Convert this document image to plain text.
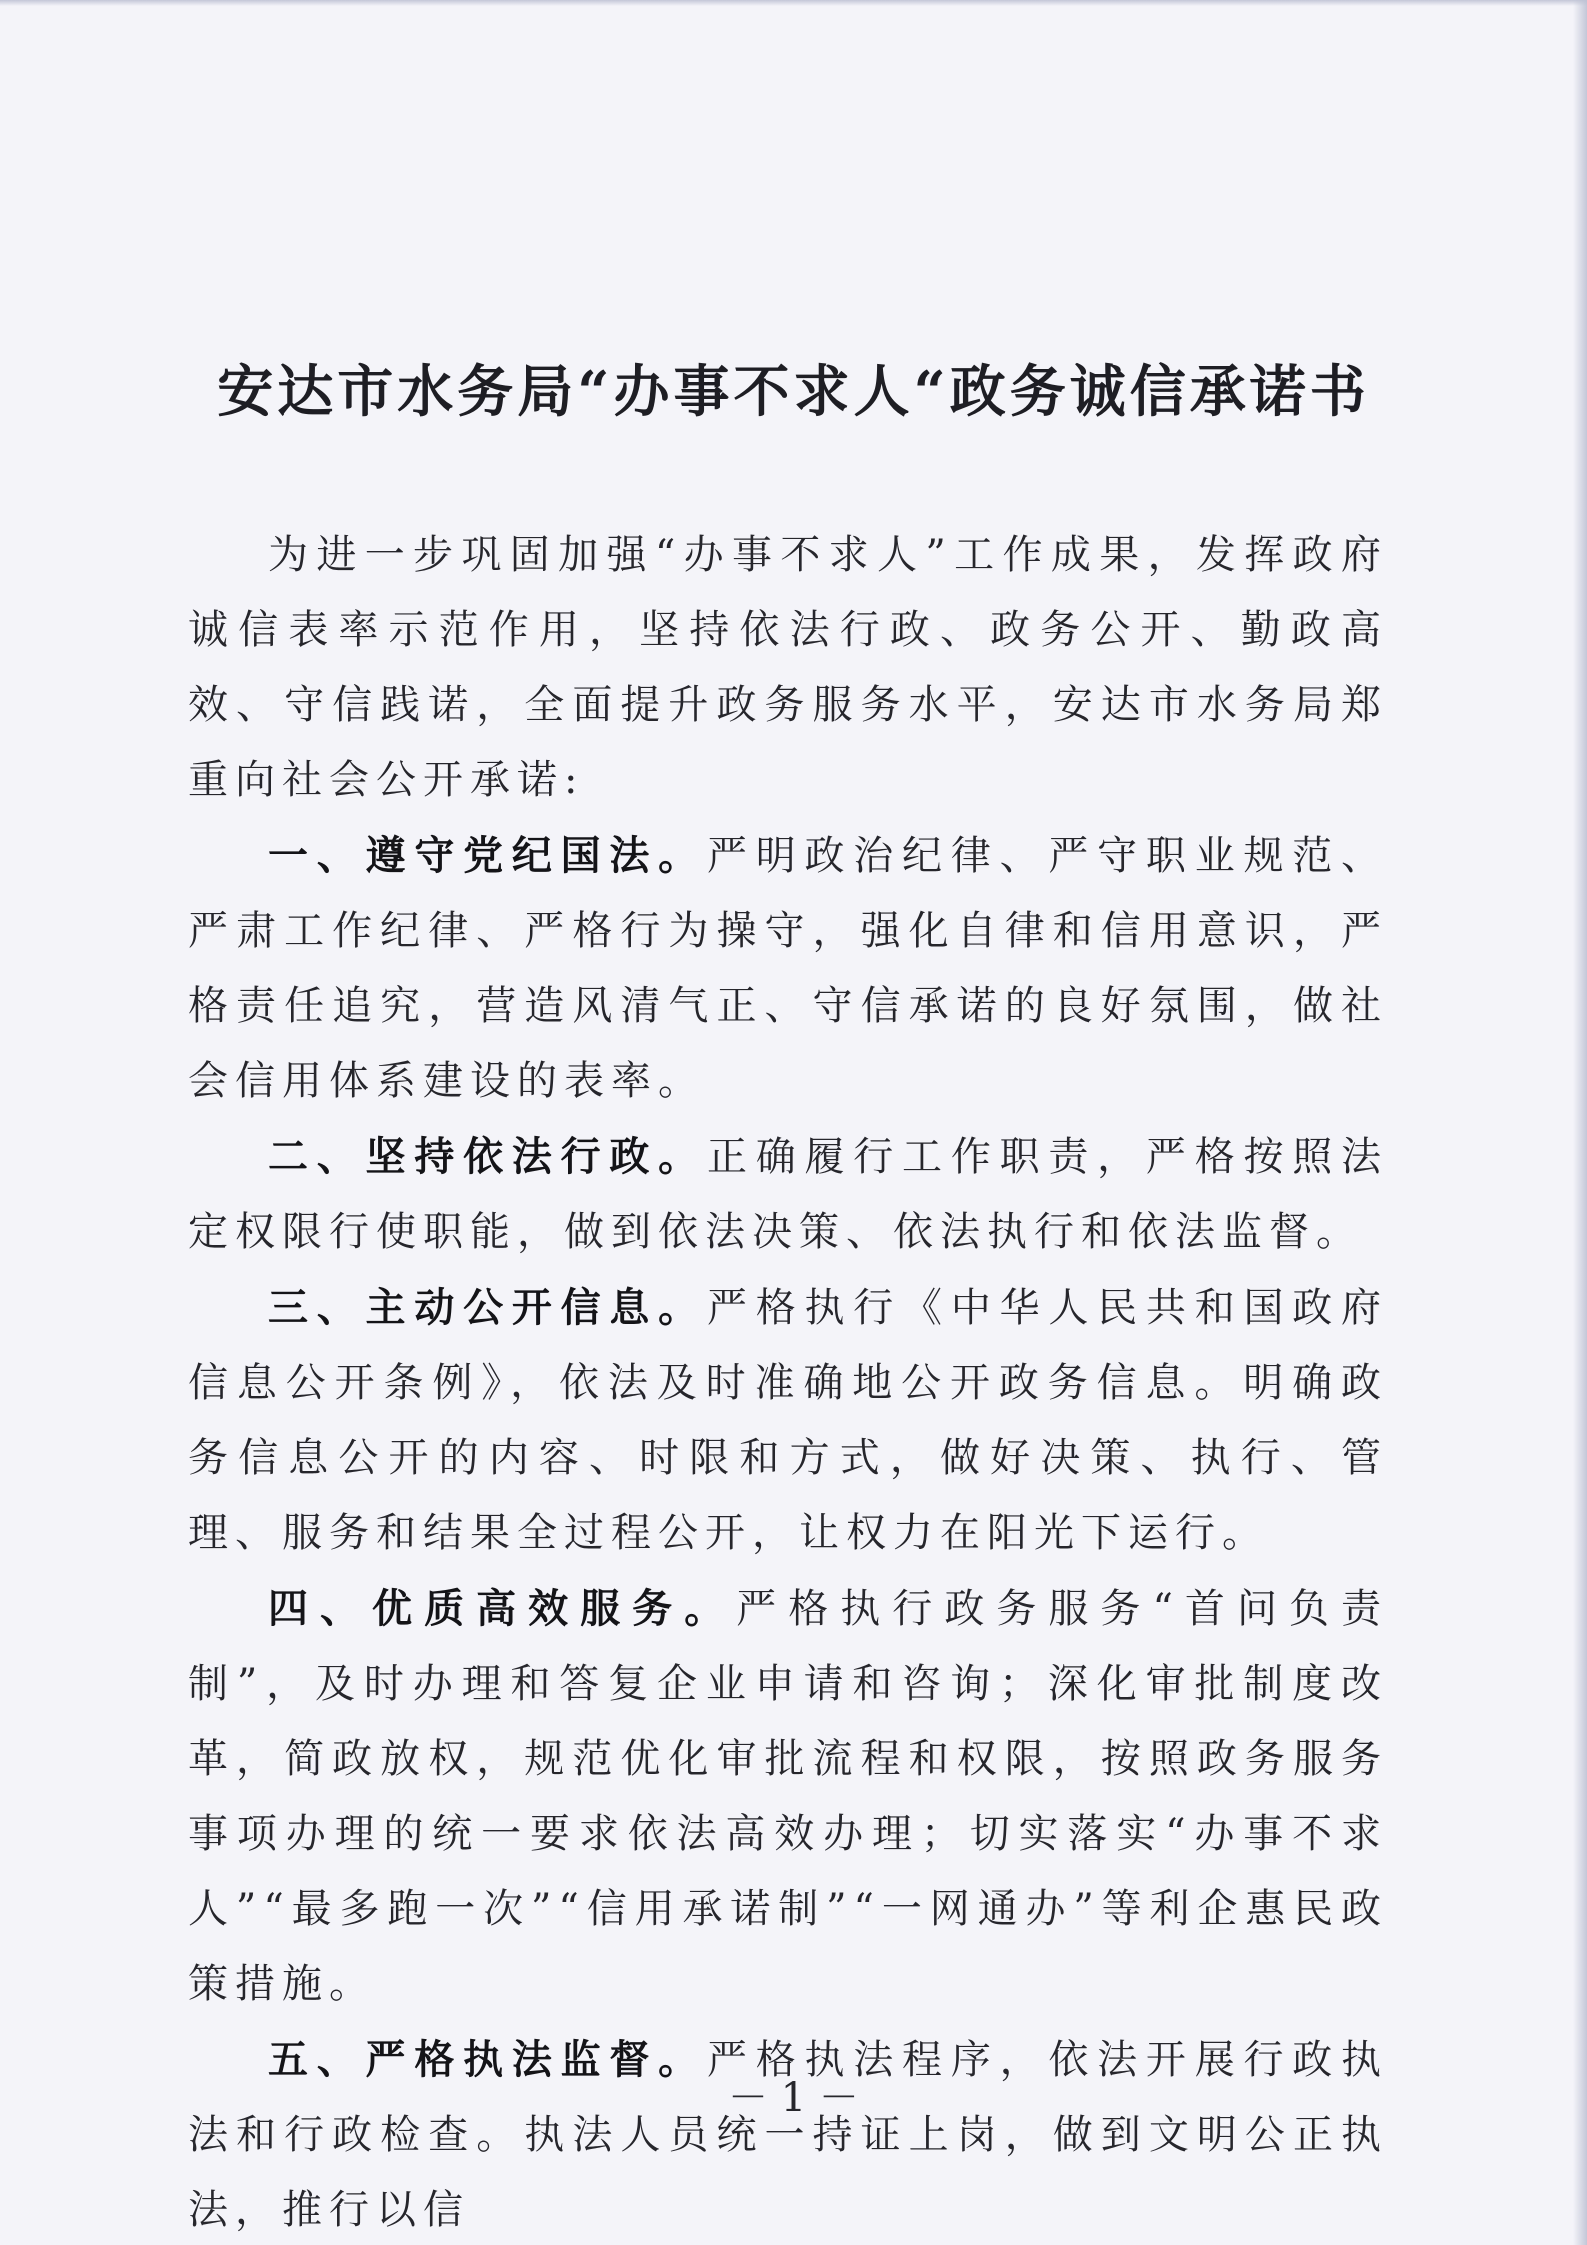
安达市水务局“办事不求人“政务诚信承诺书

为进一步巩固加强“办事不求人”工作成果，发挥政府诚信表率示范作用，坚持依法行政、政务公开、勤政高效、守信践诺，全面提升政务服务水平，安达市水务局郑重向社会公开承诺:

一、遵守党纪国法。严明政治纪律、严守职业规范、严肃工作纪律、严格行为操守，强化自律和信用意识，严格责任追究，营造风清气正、守信承诺的良好氛围，做社会信用体系建设的表率。

二、坚持依法行政。正确履行工作职责，严格按照法定权限行使职能，做到依法决策、依法执行和依法监督。

三、主动公开信息。严格执行《中华人民共和国政府信息公开条例》，依法及时准确地公开政务信息。明确政务信息公开的内容、时限和方式，做好决策、执行、管理、服务和结果全过程公开，让权力在阳光下运行。

四、优质高效服务。严格执行政务服务“首问负责制”，及时办理和答复企业申请和咨询；深化审批制度改革，简政放权，规范优化审批流程和权限，按照政务服务事项办理的统一要求依法高效办理；切实落实“办事不求人”“最多跑一次”“信用承诺制”“一网通办”等利企惠民政策措施。

五、严格执法监督。严格执法程序，依法开展行政执法和行政检查。执法人员统一持证上岗，做到文明公正执法，推行以信

－ 1 －
